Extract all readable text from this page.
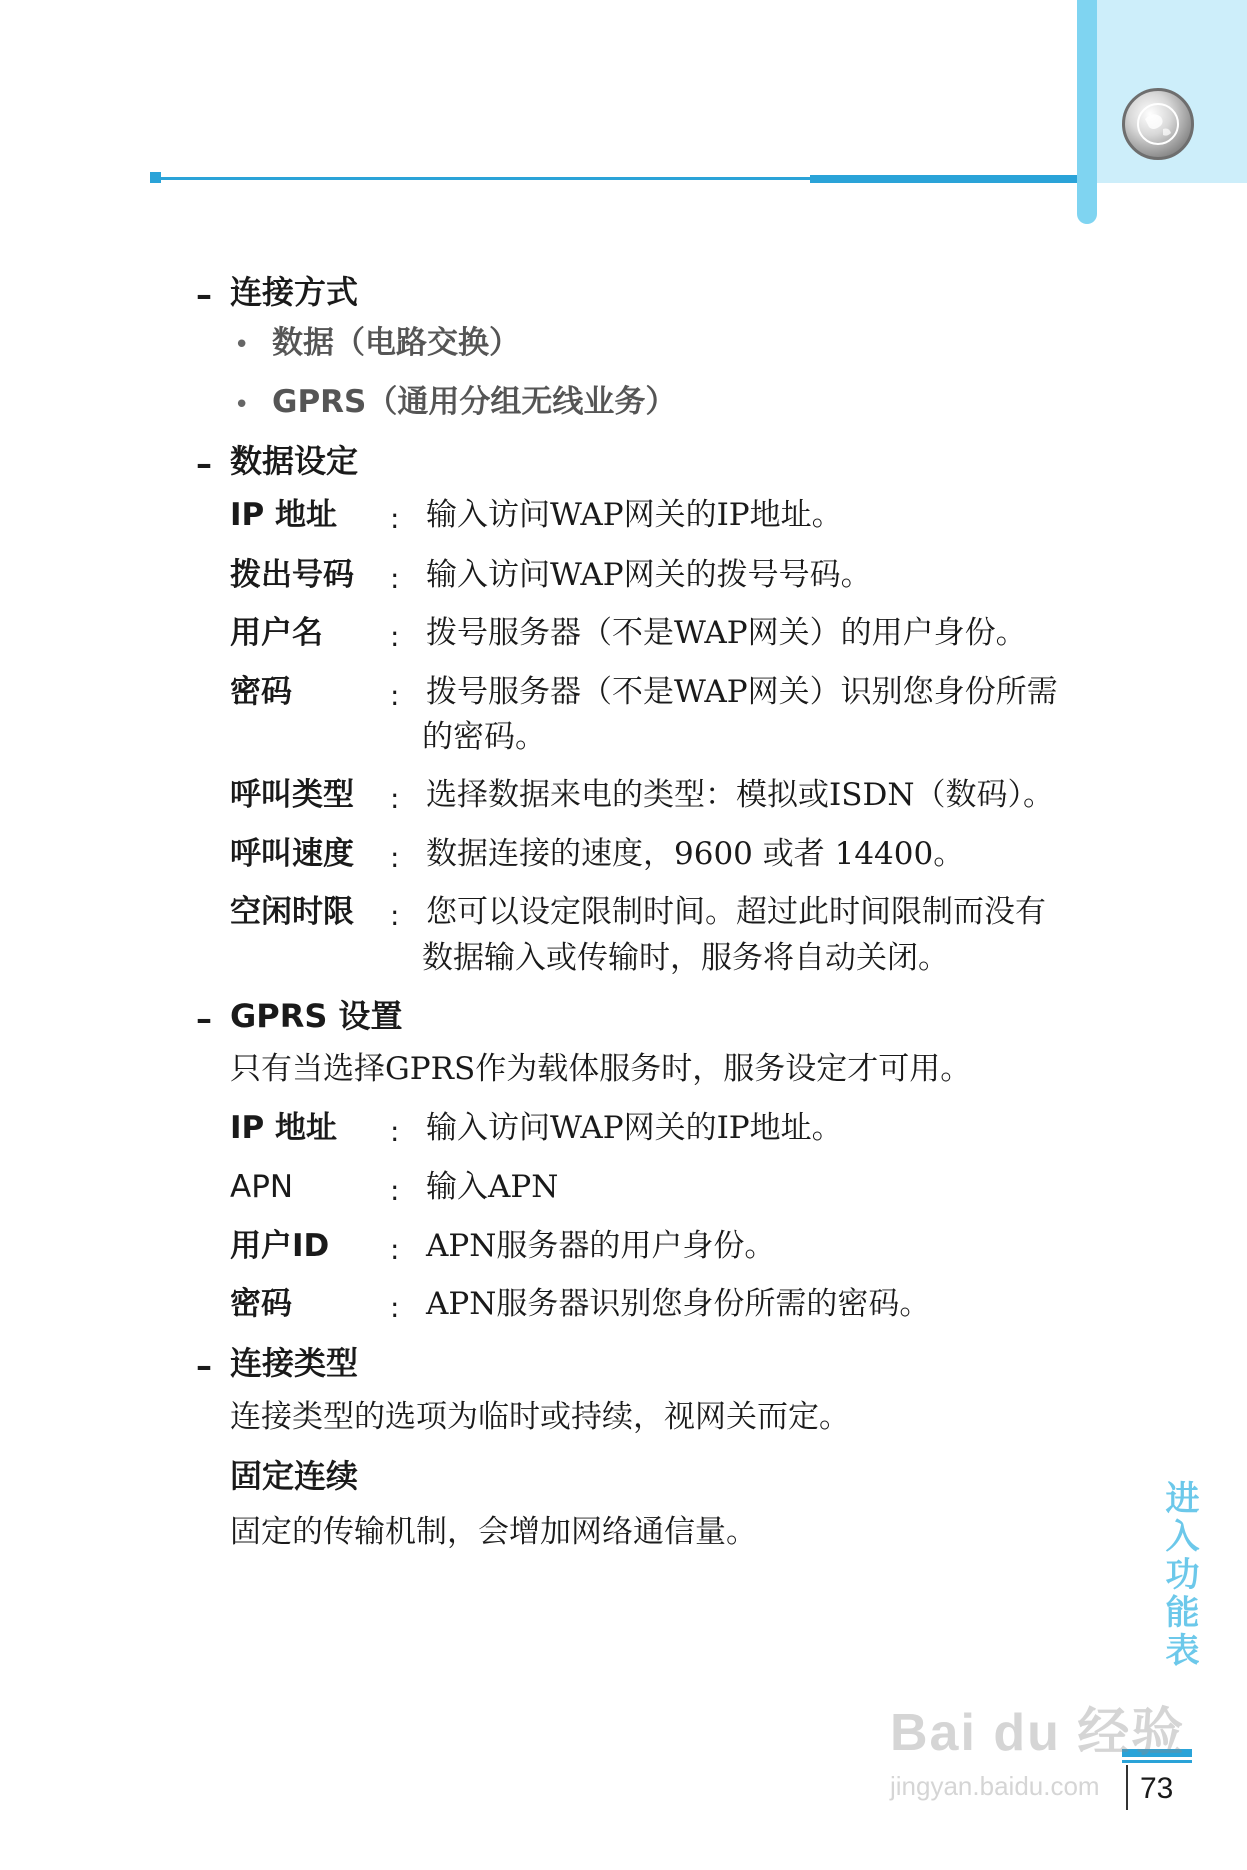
– 连接方式
• 数据（电路交换）
• GPRS（通用分组无线业务）
– 数据设定
IP 地址 : 输入访问WAP网关的IP地址。
拨出号码 : 输入访问WAP网关的拨号号码。
用户名 : 拨号服务器（不是WAP网关）的用户身份。
密码	: 拨号服务器（不是WAP网关）识别您身份所需
的密码。
呼叫类型 : 选择数据来电的类型：模拟或ISDN（数码）。
呼叫速度 : 数据连接的速度，9600 或者 14400。
空闲时限 : 您可以设定限制时间。超过此时间限制而没有
数据输入或传输时，服务将自动关闭。
– GPRS 设置
只有当选择GPRS作为载体服务时，服务设定才可用。
IP 地址 : 输入访问WAP网关的IP地址。
APN	: 输入APN
用户ID : APN服务器的用户身份。
密码	: APN服务器识别您身份所需的密码。
– 连接类型
连接类型的选项为临时或持续，视网关而定。
固定连续
固定的传输机制，会增加网络通信量。	进入功能表
73
Bai du 经验
jingyan.baidu.com
